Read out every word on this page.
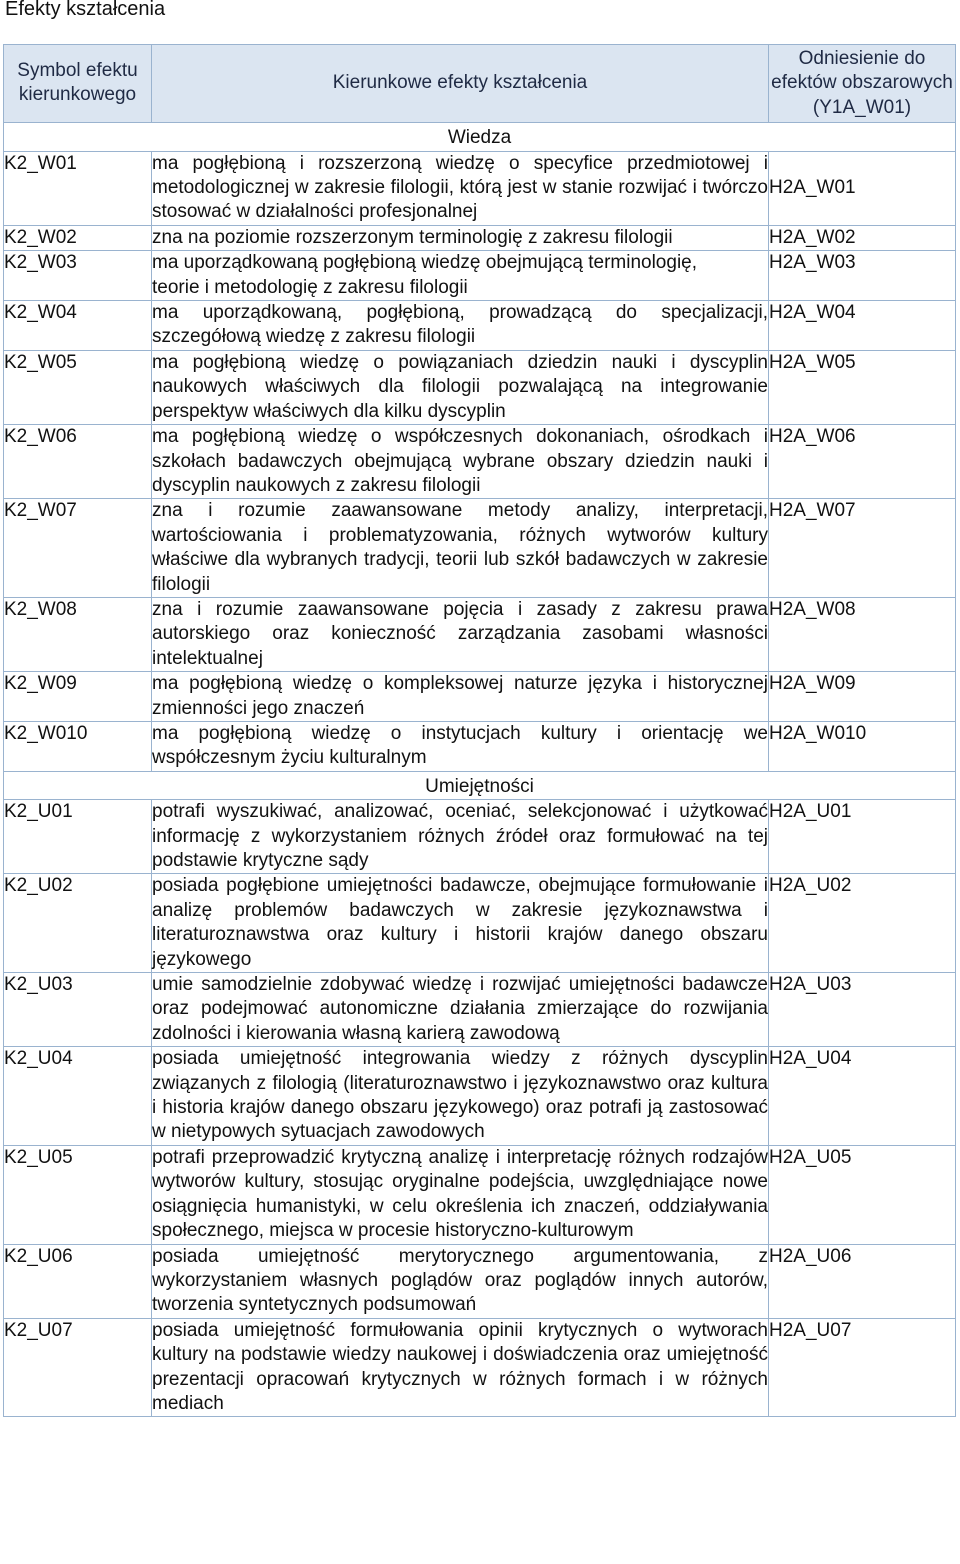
Efekty kształcenia
Symbol efektu kierunkowego	Kierunkowe efekty kształcenia	Odniesienie do efektów obszarowych (Y1A_W01)
Wiedza		
K2_W01	ma pogłębioną i rozszerzoną wiedzę o specyfice przedmiotowej i metodologicznej w zakresie filologii, którą jest w stanie rozwijać i twórczo stosować w działalności profesjonalnej	H2A_W01
K2_W02	zna na poziomie rozszerzonym terminologię z zakresu filologii	H2A_W02
K2_W03	ma uporządkowaną pogłębioną wiedzę obejmującą terminologię,
teorie i metodologię z zakresu filologii	H2A_W03
K2_W04	ma uporządkowaną, pogłębioną, prowadzącą do specjalizacji, szczegółową wiedzę z zakresu filologii	H2A_W04
K2_W05	ma pogłębioną wiedzę o powiązaniach dziedzin nauki i dyscyplin naukowych właściwych dla filologii pozwalającą na integrowanie perspektyw właściwych dla kilku dyscyplin	H2A_W05
K2_W06	ma pogłębioną wiedzę o współczesnych dokonaniach, ośrodkach i szkołach badawczych obejmującą wybrane obszary dziedzin nauki i dyscyplin naukowych z zakresu filologii	H2A_W06
K2_W07	zna i rozumie zaawansowane metody analizy, interpretacji, wartościowania i problematyzowania, różnych wytworów kultury właściwe dla wybranych tradycji, teorii lub szkół badawczych w zakresie filologii	H2A_W07
K2_W08	zna i rozumie zaawansowane pojęcia i zasady z zakresu prawa autorskiego oraz konieczność zarządzania zasobami własności intelektualnej	H2A_W08
K2_W09	ma pogłębioną wiedzę o kompleksowej naturze języka i historycznej zmienności jego znaczeń	H2A_W09
K2_W010	ma pogłębioną wiedzę o instytucjach kultury i orientację we współczesnym życiu kulturalnym	H2A_W010
Umiejętności		
K2_U01	potrafi wyszukiwać, analizować, oceniać, selekcjonować i użytkować informację z wykorzystaniem różnych źródeł oraz formułować na tej podstawie krytyczne sądy	H2A_U01
K2_U02	posiada pogłębione umiejętności badawcze, obejmujące formułowanie i analizę problemów badawczych w zakresie językoznawstwa i literaturoznawstwa oraz kultury i historii krajów danego obszaru językowego	H2A_U02
K2_U03	umie samodzielnie zdobywać wiedzę i rozwijać umiejętności badawcze oraz podejmować autonomiczne działania zmierzające do rozwijania zdolności i kierowania własną karierą zawodową	H2A_U03
K2_U04	posiada umiejętność integrowania wiedzy z różnych dyscyplin związanych z filologią (literaturoznawstwo i językoznawstwo oraz kultura i historia krajów danego obszaru językowego) oraz potrafi ją zastosować w nietypowych sytuacjach zawodowych	H2A_U04
K2_U05	potrafi przeprowadzić krytyczną analizę i interpretację różnych rodzajów wytworów kultury, stosując oryginalne podejścia, uwzględniające nowe osiągnięcia humanistyki, w celu określenia ich znaczeń, oddziaływania społecznego, miejsca w procesie historyczno-kulturowym	H2A_U05
K2_U06	posiada umiejętność merytorycznego argumentowania, z wykorzystaniem własnych poglądów oraz poglądów innych autorów, tworzenia syntetycznych podsumowań	H2A_U06
K2_U07	posiada umiejętność formułowania opinii krytycznych o wytworach kultury na podstawie wiedzy naukowej i doświadczenia oraz umiejętność prezentacji opracowań krytycznych w różnych formach i w różnych mediach	H2A_U07
